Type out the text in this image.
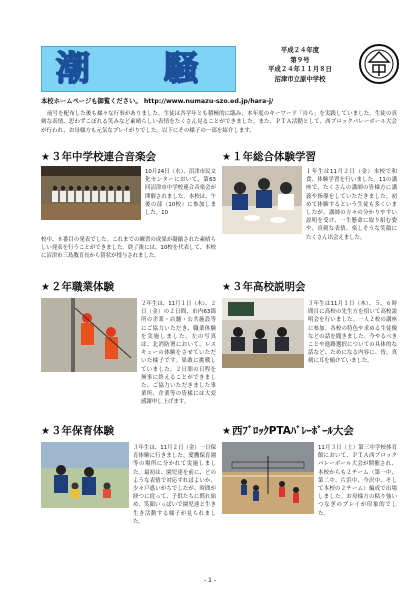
潮 騒	平成２４年度
第９号
平成２４年１１月８日
沼津市立原中学校
本校ホームページも御覧ください。 http://www.numazu-szo.ed.jp/hara-j/
前号を配布した後も様々な行事がありました。生徒は各学年とも積極的に臨み、本年度のキーワード「自ら」を実践していました。生徒の真剣な表情、思わずこぼれる笑みなど素晴らしい表情をたくさん見ることができました。また、ＰＴＡ活動として、西ブロックバレーボール大会が行われ、お母様方も元気なプレイがりでした。以下にその様子の一部を紹介します。
★３年中学校連合音楽会
10月24日（水）、沼津市民文化センターにおいて、第63回沼津市中学校連合音楽会が開催されました。本校は、午後の部（10校）に参加しました。10
校中、８番目の発表でした。これまでの練習の成果が凝縮された素晴らしい発表を行うことができました。終了後には、10校を代表して、本校に沼津市三島教育長から賞状が授与されました。
★１年総合体験学習
１年生は11月２日（金）本校で和食、体験学習を行いました。11の講座で、たくさんの講師の皆様方に講義や指導をしていただきました。初めて体験するという生徒も多くいましたが、講師の方々の分かりやすい説明を受け、一生懸命に取り組む姿や、真剣な表情、楽しそうな笑顔にたくさん出会えました。
★２年職業体験
２年生は、11月１日（木）、２日（金）の２日間、市内63箇所の企業・店舗・公共施設等にご協力いただき、職業体験を実施しました。左の写真は、北消防署において、レスキューの体験をさせていただいた様子です。果敢に挑戦していました。２日間の日程を無事に終えることができました。ご協力いただきました事業所、企業等の皆様には大変感謝申し上げます。
★３年高校説明会
３年生は11月１日（木）、５、６時間目に高校の先生方を招いて高校説明会を行いました。一人２校の講座に参加。各校の特色や求める生徒像などの話を聞きました。今やるべきことや進路選択についての具体的な話など、ためになる内容に、皆、真剣に耳を傾けていました。
★３年保育体験
３年生は、11月２日（金）一日保育体験に行きました。愛鷹保育園等の場所に分かれて実施しました。最初は、園児達を前に、どのような表情で対応すればよいか、少々戸惑いがちでしたが、時間が経つに従って、子供たちに慣れ始め、笑顔いっぱいで園児達と生き生き活動する様子が見られました。
★西ﾌﾞﾛｯｸPTAﾊﾞﾚｰﾎﾞｰﾙ大会
11月３日（土）第三中学校体育館において、ＰＴＡ西ブロックバレーボール大会が開催され、本校からも２チーム（第一中、第二中、片浜中、今沢中、そして本校の２チーム）編成で出場しました。お母様方の粘り強いつなぎのプレイが印象的でした。
- 1 -
